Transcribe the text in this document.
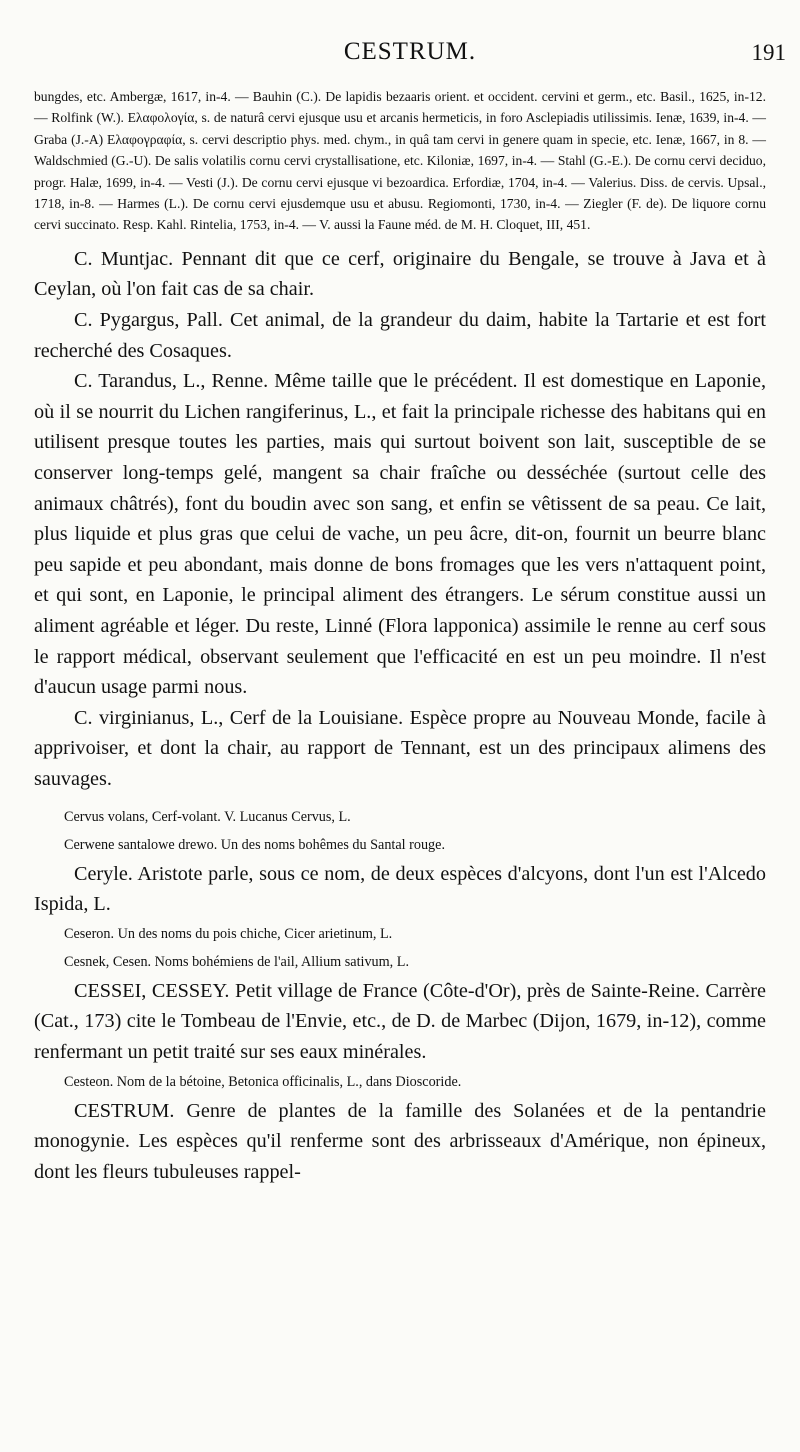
CESTRUM.	191
bungdes, etc. Ambergæ, 1617, in-4. — Bauhin (C.). De lapidis bezaaris orient. et occident. cervini et germ., etc. Basil., 1625, in-12. — Rolfink (W.). Ελαφολογία, s. de naturâ cervi ejusque usu et arcanis hermeticis, in foro Asclepiadis utilissimis. Ienæ, 1639, in-4. — Graba (J.-A) Ελαφογραφία, s. cervi descriptio phys. med. chym., in quâ tam cervi in genere quam in specie, etc. Ienæ, 1667, in 8. — Waldschmied (G.-U). De salis volatilis cornu cervi crystallisatione, etc. Kiloniæ, 1697, in-4. — Stahl (G.-E.). De cornu cervi deciduo, progr. Halæ, 1699, in-4. — Vesti (J.). De cornu cervi ejusque vi bezoardica. Erfordiæ, 1704, in-4. — Valerius. Diss. de cervis. Upsal., 1718, in-8. — Harmes (L.). De cornu cervi ejusdemque usu et abusu. Regiomonti, 1730, in-4. — Ziegler (F. de). De liquore cornu cervi succinato. Resp. Kahl. Rintelia, 1753, in-4. — V. aussi la Faune méd. de M. H. Cloquet, III, 451.

C. Muntjac. Pennant dit que ce cerf, originaire du Bengale, se trouve à Java et à Ceylan, où l'on fait cas de sa chair.

C. Pygargus, Pall. Cet animal, de la grandeur du daim, habite la Tartarie et est fort recherché des Cosaques.

C. Tarandus, L., Renne. Même taille que le précédent. Il est domestique en Laponie, où il se nourrit du Lichen rangiferinus, L., et fait la principale richesse des habitans qui en utilisent presque toutes les parties, mais qui surtout boivent son lait, susceptible de se conserver long-temps gelé, mangent sa chair fraîche ou desséchée (surtout celle des animaux châtrés), font du boudin avec son sang, et enfin se vêtissent de sa peau. Ce lait, plus liquide et plus gras que celui de vache, un peu âcre, dit-on, fournit un beurre blanc peu sapide et peu abondant, mais donne de bons fromages que les vers n'attaquent point, et qui sont, en Laponie, le principal aliment des étrangers. Le sérum constitue aussi un aliment agréable et léger. Du reste, Linné (Flora lapponica) assimile le renne au cerf sous le rapport médical, observant seulement que l'efficacité en est un peu moindre. Il n'est d'aucun usage parmi nous.

C. virginianus, L., Cerf de la Louisiane. Espèce propre au Nouveau Monde, facile à apprivoiser, et dont la chair, au rapport de Tennant, est un des principaux alimens des sauvages.

Cervus volans, Cerf-volant. V. Lucanus Cervus, L.

Cerwene santalowe drewo. Un des noms bohêmes du Santal rouge.

Ceryle. Aristote parle, sous ce nom, de deux espèces d'alcyons, dont l'un est l'Alcedo Ispida, L.

Ceseron. Un des noms du pois chiche, Cicer arietinum, L.

Cesnek, Cesen. Noms bohémiens de l'ail, Allium sativum, L.

CESSEI, CESSEY. Petit village de France (Côte-d'Or), près de Sainte-Reine. Carrère (Cat., 173) cite le Tombeau de l'Envie, etc., de D. de Marbec (Dijon, 1679, in-12), comme renfermant un petit traité sur ses eaux minérales.

Cesteon. Nom de la bétoine, Betonica officinalis, L., dans Dioscoride.

CESTRUM. Genre de plantes de la famille des Solanées et de la pentandrie monogynie. Les espèces qu'il renferme sont des arbrisseaux d'Amérique, non épineux, dont les fleurs tubuleuses rappel-
